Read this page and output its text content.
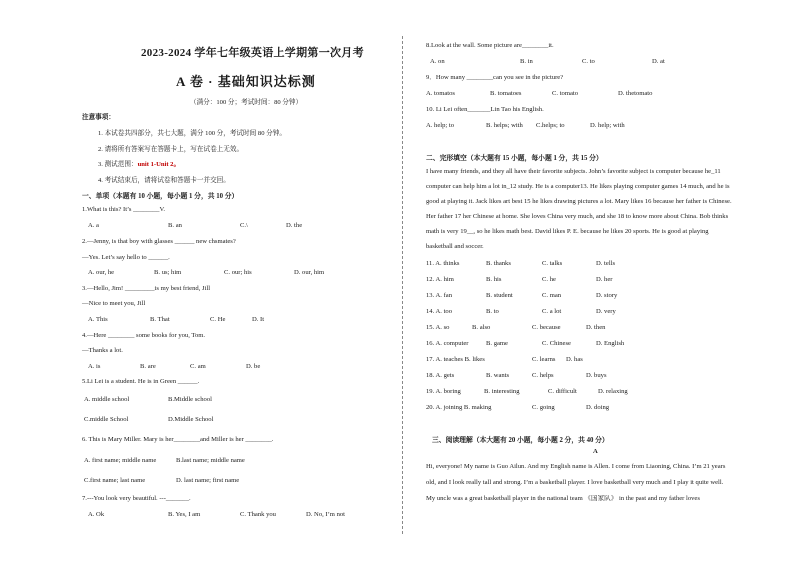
2023-2024 学年七年级英语上学期第一次月考
A 卷 · 基础知识达标测
（满分：100 分；考试时间：80 分钟）
注意事项：
1. 本试卷共四部分，共七大题，满分 100 分，考试时间 80 分钟。
2. 请将所有答案写在答题卡上，写在试卷上无效。
3. 测试范围：unit 1-Unit 2。
4. 考试结束后，请将试卷和答题卡一并交回。
一、单项（本题有 10 小题，每小题 1 分，共 10 分）
1.What is this? It’s ________V.
A. a	B. an	C.\	D. the
2.—Jenny, is that boy with glasses ______ new chsmates?
—Yes. Let’s say hello to ______.
A. our, he	B. us; him	C. our; his	D. our, him
3.—Hello, Jim! _________is my best friend, Jill
—Nice to meet you, Jill
A. This	B. That	C. He	D. It
4.—Here ________ some books for you, Tom.
—Thanks a lot.
A. is	B. are	C. am	D. be
5.Li Lei is a student. He is in Green ______.
A. middle school	B.Middle school
C.middle School	D.Middle School
6. This is Mary Miller. Mary is her________and Miller is her ________.
A. first name; middle name	B.last name; middle name
C.first name; last name	D. last name; first name
7.---You look very beautiful. ---_______.
A. Ok	B. Yes, I am	C. Thank you	D. No, I’m not
8.Look at the wall. Some picture are________it.
A. on	B. in	C. to	D. at
9．How many ________can you see in the picture?
A. tomatos	B. tomatoes	C. tomato	D. thetomato
10. Li Lei often_______Lin Tao his English.
A. help; to	B. helps; with C.helps; to	D. help; with
二、完形填空（本大题有 15 小题，每小题 1 分，共 15 分）
I have many friends, and they all have their favorite subjects. John’s favorite subject is computer because he_11
computer can help him a lot in_12 study. He is a computer13. He likes playing computer games 14 much, and he is
good at playing it. Jack likes art best 15 he likes drawing pictures a lot. Mary likes 16 because her father is Chinese.
Her father 17 her Chinese at home. She loves China very much, and she 18 to know more about China. Bob thinks
math is very 19__, so he likes math best. David likes P. E. because he likes 20 sports. He is good at playing
basketball and soccer.
11. A. thinks	B. thanks	C. talks	D. tells
12. A. him	B. his	C. he	D. her
13. A. fan	B. student	C. man	D. story
14. A. too	B. to	C. a lot	D. very
15. A. so	B. also	C. because	D. then
16. A. computer	B. game	C. Chinese	D. English
17. A. teaches B. likes	C. learns D. has
18. A. gets	B. wants	C. helps	D. buys
19. A. boring	B. interesting	C. difficult	D. relaxing
20. A. joining B. making	C. going	D. doing
三、阅读理解（本大题有 20 小题，每小题 2 分，共 40 分）
A
Hi, everyone! My name is Guo Ailun. And my English name is Allen. I come from Liaoning, China. I’m 21 years
old, and I look really tall and strong. I’m a basketball player. I love basketball very much and I play it quite well.
My uncle was a great basketball player in the national team 《国家队》 in the past and my father loves
